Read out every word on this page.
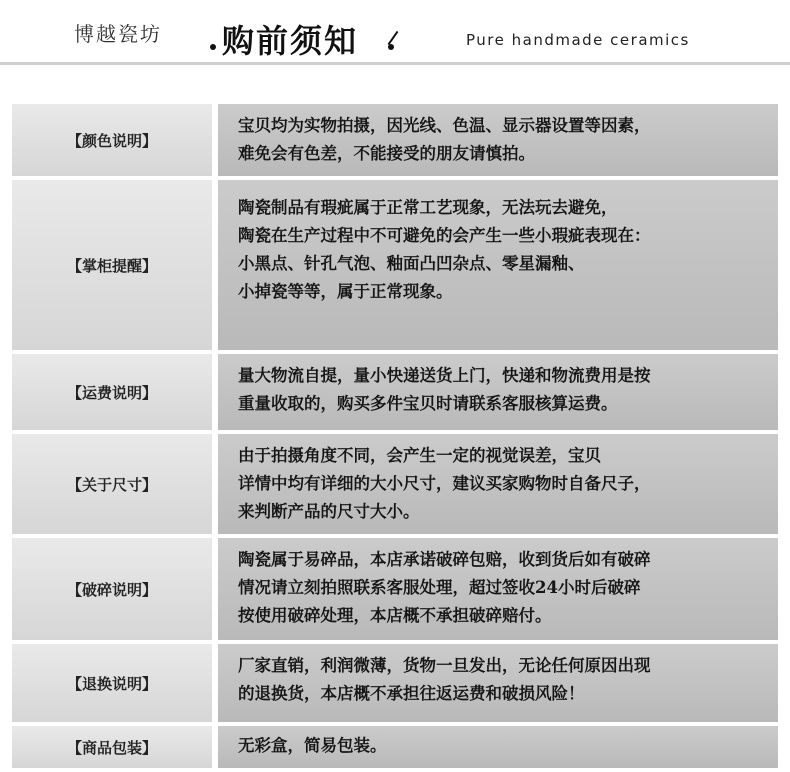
博越瓷坊 购前须知	Pure handmade ceramics
【颜色说明】
宝贝均为实物拍摄，因光线、色温、显示器设置等因素，
难免会有色差，不能接受的朋友请慎拍。
【掌柜提醒】
陶瓷制品有瑕疵属于正常工艺现象，无法玩去避免，
陶瓷在生产过程中不可避免的会产生一些小瑕疵表现在：
小黑点、针孔气泡、釉面凸凹杂点、零星漏釉、
小掉瓷等等，属于正常现象。
【运费说明】
量大物流自提，量小快递送货上门，快递和物流费用是按
重量收取的，购买多件宝贝时请联系客服核算运费。
【关于尺寸】
由于拍摄角度不同，会产生一定的视觉误差，宝贝
详情中均有详细的大小尺寸，建议买家购物时自备尺子，
来判断产品的尺寸大小。
【破碎说明】
陶瓷属于易碎品，本店承诺破碎包赔，收到货后如有破碎
情况请立刻拍照联系客服处理，超过签收24小时后破碎
按使用破碎处理，本店概不承担破碎赔付。
【退换说明】
厂家直销，利润微薄，货物一旦发出，无论任何原因出现
的退换货，本店概不承担往返运费和破损风险！
【商品包装】	无彩盒，简易包装。
